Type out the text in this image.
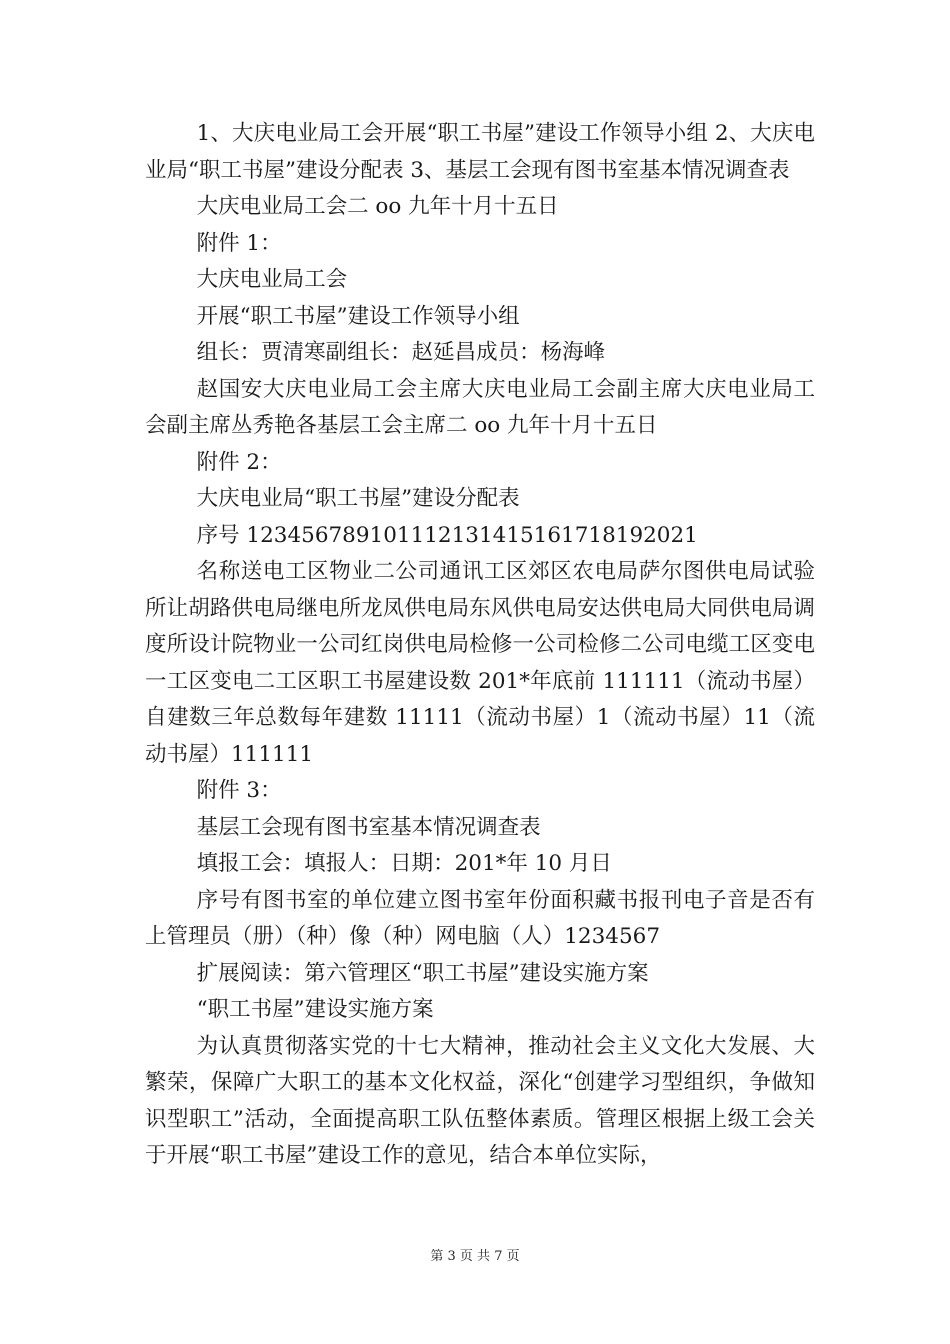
1、大庆电业局工会开展“职工书屋”建设工作领导小组 2、大庆电业局“职工书屋”建设分配表 3、基层工会现有图书室基本情况调查表

大庆电业局工会二 oo 九年十月十五日

附件 1：

大庆电业局工会

开展“职工书屋”建设工作领导小组

组长：贾清寒副组长：赵延昌成员：杨海峰

赵国安大庆电业局工会主席大庆电业局工会副主席大庆电业局工会副主席丛秀艳各基层工会主席二 oo 九年十月十五日

附件 2：

大庆电业局“职工书屋”建设分配表

序号 123456789101112131415161718192021

名称送电工区物业二公司通讯工区郊区农电局萨尔图供电局试验所让胡路供电局继电所龙凤供电局东风供电局安达供电局大同供电局调度所设计院物业一公司红岗供电局检修一公司检修二公司电缆工区变电一工区变电二工区职工书屋建设数 201*年底前 111111（流动书屋）自建数三年总数每年建数 11111（流动书屋）1（流动书屋）11（流动书屋）111111

附件 3：

基层工会现有图书室基本情况调查表

填报工会：填报人：日期：201*年 10 月日

序号有图书室的单位建立图书室年份面积藏书报刊电子音是否有上管理员（册）（种）像（种）网电脑（人）1234567

扩展阅读：第六管理区“职工书屋”建设实施方案

“职工书屋”建设实施方案

为认真贯彻落实党的十七大精神，推动社会主义文化大发展、大繁荣，保障广大职工的基本文化权益，深化“创建学习型组织，争做知识型职工”活动，全面提高职工队伍整体素质。管理区根据上级工会关于开展“职工书屋”建设工作的意见，结合本单位实际，

第 3 页 共 7 页
